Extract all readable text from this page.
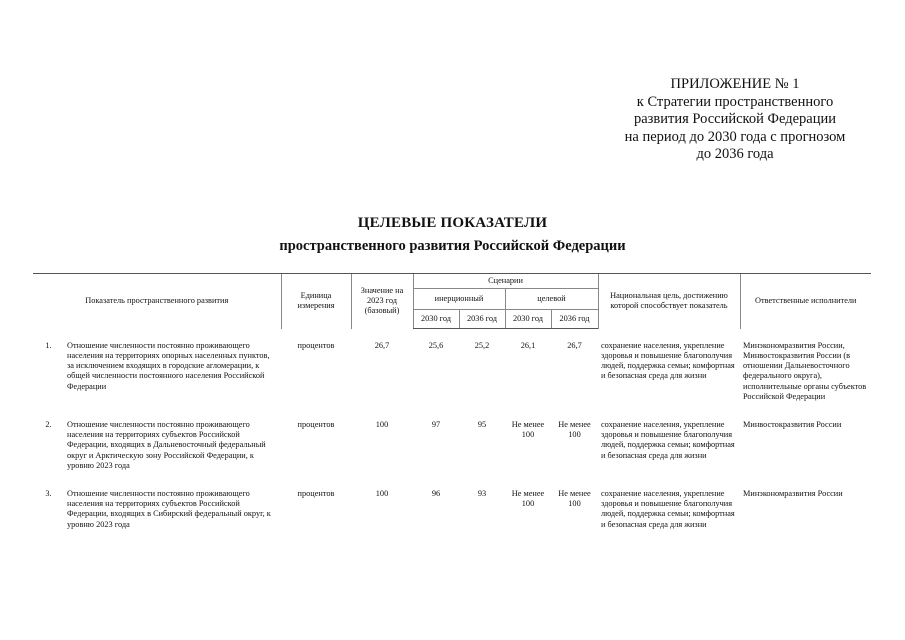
ПРИЛОЖЕНИЕ № 1
к Стратегии пространственного
развития Российской Федерации
на период до 2030 года с прогнозом
до 2036 года
ЦЕЛЕВЫЕ ПОКАЗАТЕЛИ
пространственного развития Российской Федерации
Показатель пространственного развития		Единица измерения	Значение на 2023 год (базовый)	Сценарии				Национальная цель, достижению которой способствует показатель	Ответственные исполнители
				инерционный		целевой			
				2030 год	2036 год	2030 год	2036 год		
1.	Отношение численности постоянно проживающего населения на территориях опорных населенных пунктов, за исключением входящих в городские агломерации, к общей численности постоянного населения Российской Федерации	процентов	26,7	25,6	25,2	26,1	26,7	сохранение населения, укрепление здоровья и повышение благополучия людей, поддержка семьи; комфортная и безопасная среда для жизни	Минэкономразвития России, Минвостокразвития России (в отношении Дальневосточного федерального округа), исполнительные органы субъектов Российской Федерации
2.	Отношение численности постоянно проживающего населения на территориях субъектов Российской Федерации, входящих в Дальневосточный федеральный округ и Арктическую зону Российской Федерации, к уровню 2023 года	процентов	100	97	95	Не менее 100	Не менее 100	сохранение населения, укрепление здоровья и повышение благополучия людей, поддержка семьи; комфортная и безопасная среда для жизни	Минвостокразвития России
3.	Отношение численности постоянно проживающего населения на территориях субъектов Российской Федерации, входящих в Сибирский федеральный округ, к уровню 2023 года	процентов	100	96	93	Не менее 100	Не менее 100	сохранение населения, укрепление здоровья и повышение благополучия людей, поддержка семьи; комфортная и безопасная среда для жизни	Минэкономразвития России
